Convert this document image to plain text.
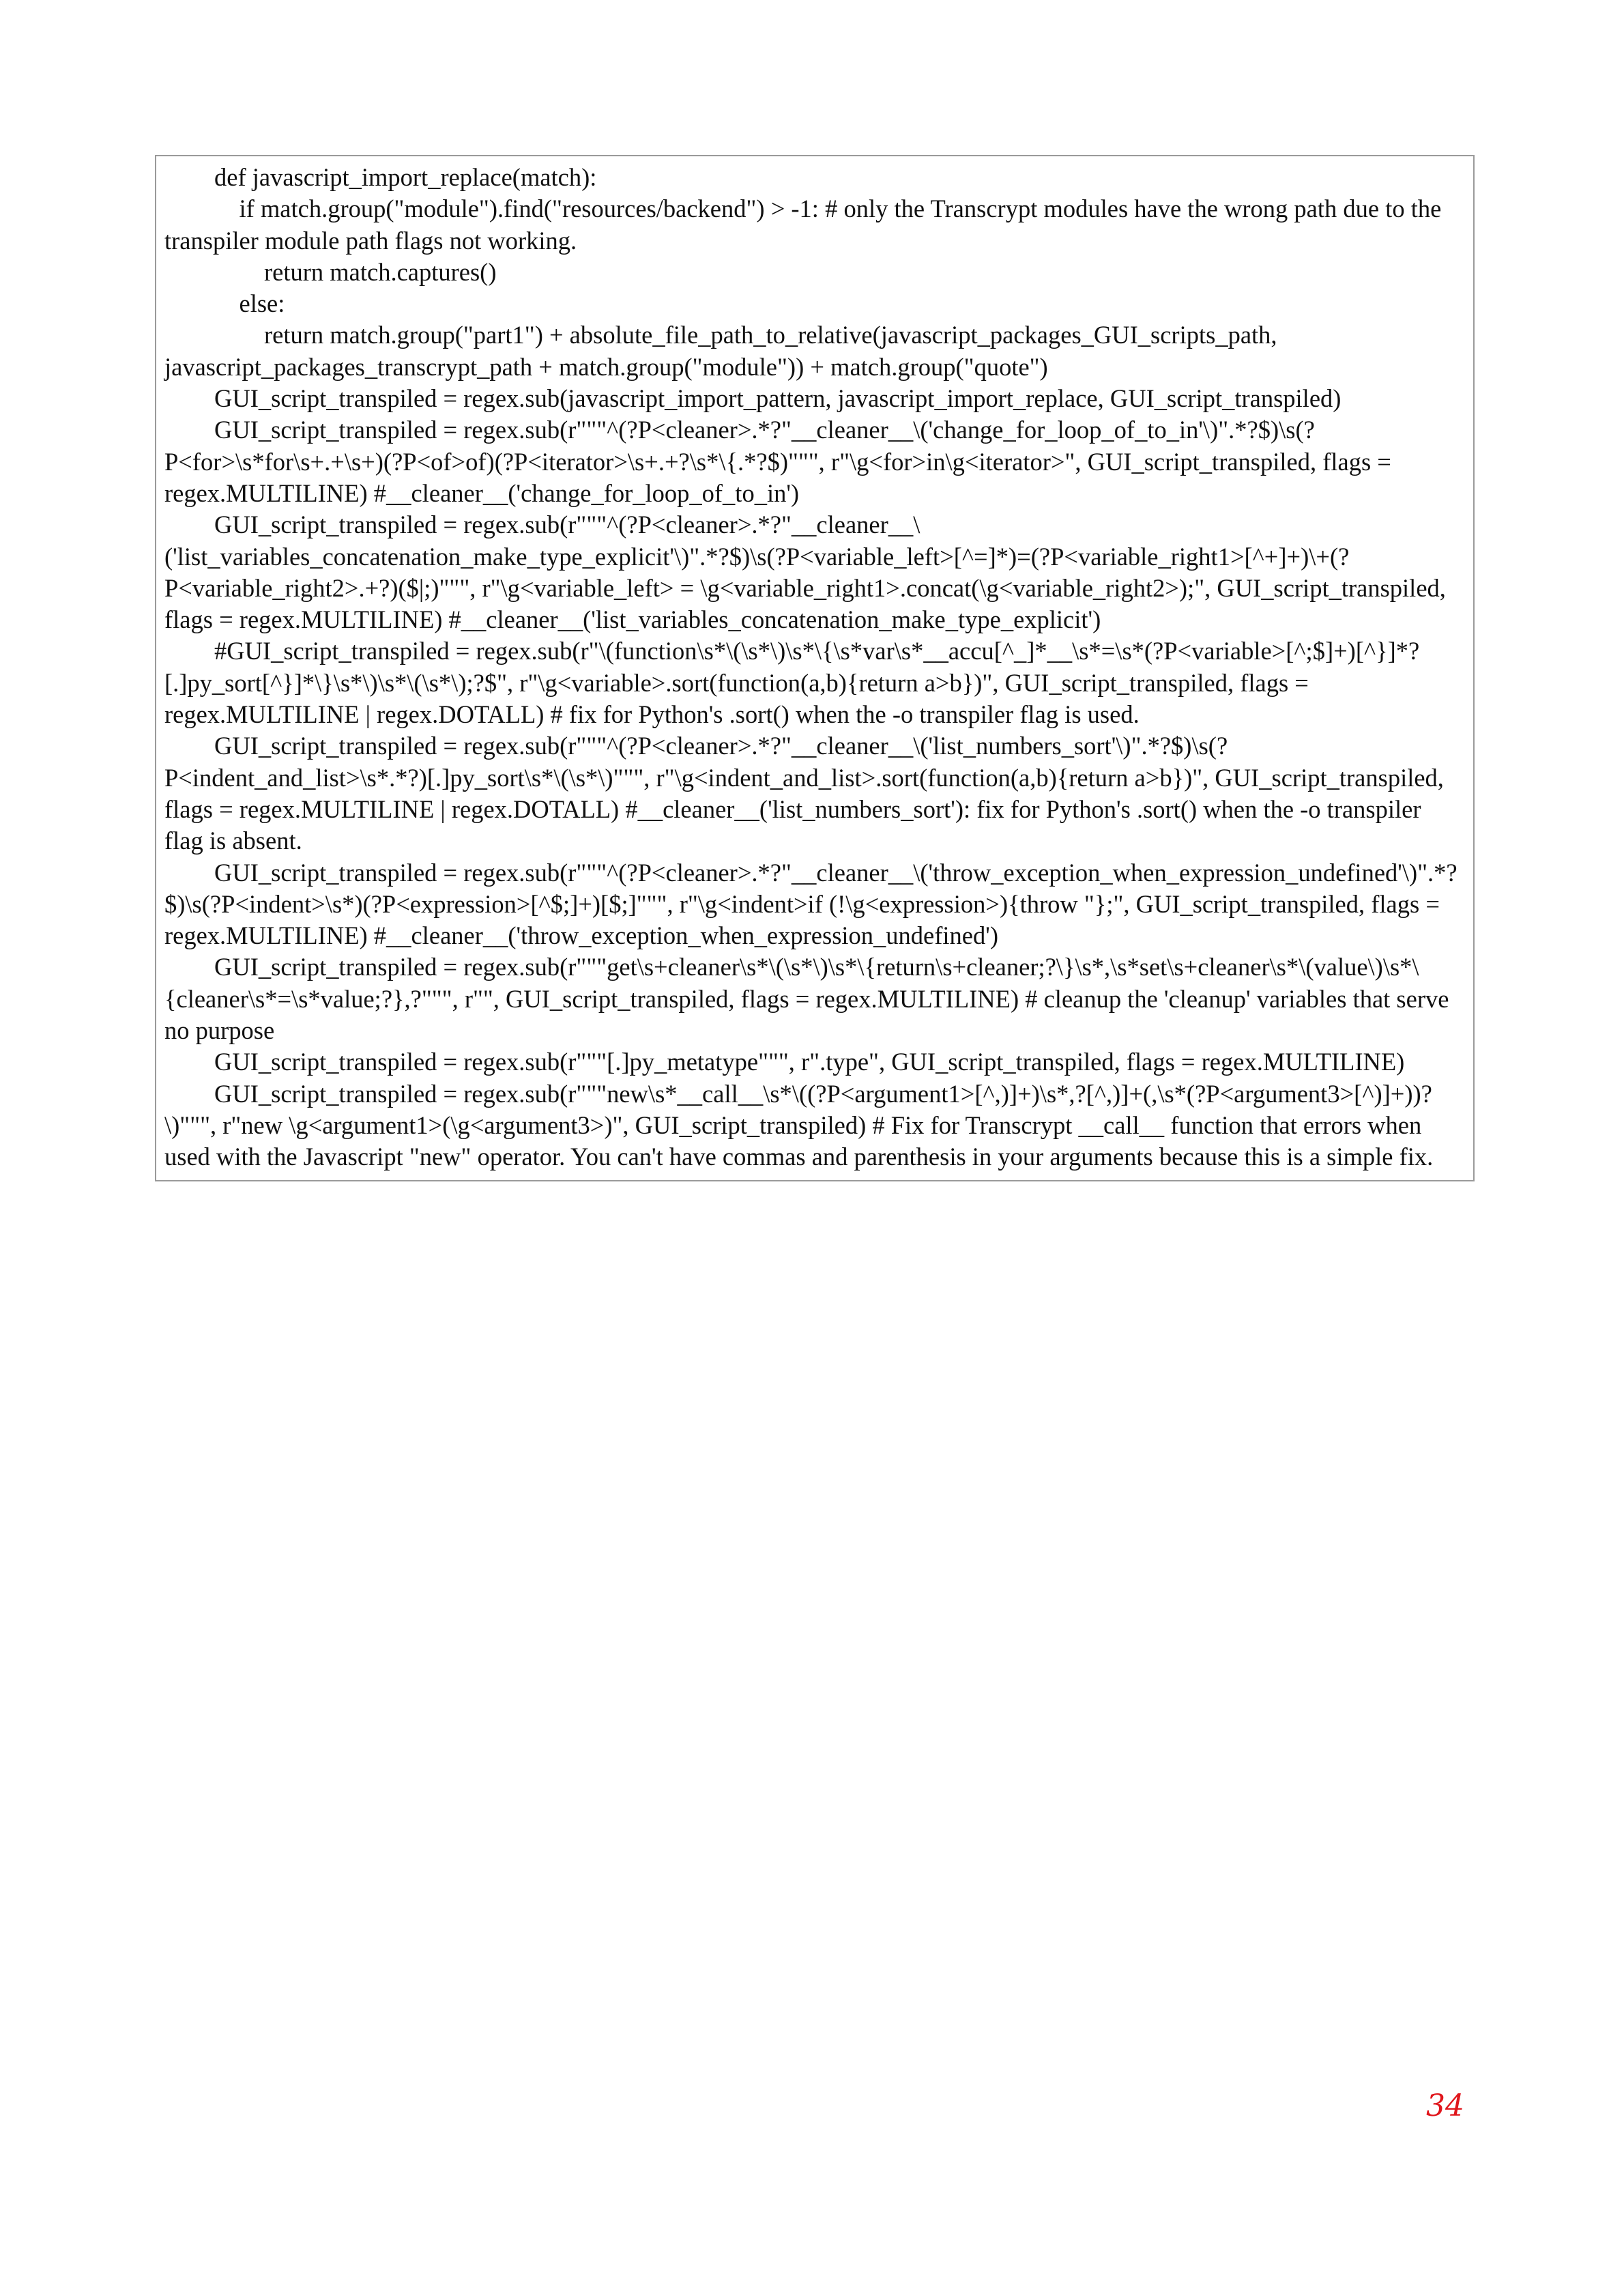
def javascript_import_replace(match):

if match.group("module").find("resources/backend") > -1: # only the Transcrypt modules have the wrong path due to the transpiler module path flags not working.

return match.captures()

else:

return match.group("part1") + absolute_file_path_to_relative(javascript_packages_GUI_scripts_path, javascript_packages_transcrypt_path + match.group("module")) + match.group("quote")

GUI_script_transpiled = regex.sub(javascript_import_pattern, javascript_import_replace, GUI_script_transpiled)

GUI_script_transpiled = regex.sub(r"""^(?P<cleaner>.*?"__cleaner__\('change_for_loop_of_to_in'\)".*?$)\s(?P<for>\s*for\s+.+\s+)(?P<of>of)(?P<iterator>\s+.+?\s*\{.*?$)""", r"\g<for>in\g<iterator>", GUI_script_transpiled, flags = regex.MULTILINE) #__cleaner__('change_for_loop_of_to_in')

GUI_script_transpiled = regex.sub(r"""^(?P<cleaner>.*?"__cleaner__\('list_variables_concatenation_make_type_explicit'\)".*?$)\s(?P<variable_left>[^=]*)=(?P<variable_right1>[^+]+)\+(?P<variable_right2>.+?)($|;)""", r"\g<variable_left> = \g<variable_right1>.concat(\g<variable_right2>);", GUI_script_transpiled, flags = regex.MULTILINE) #__cleaner__('list_variables_concatenation_make_type_explicit')

#GUI_script_transpiled = regex.sub(r"\(function\s*\(\s*\)\s*\{\s*var\s*__accu[^_]*__\s*=\s*(?P<variable>[^;$]+)[^}]*?[.]py_sort[^}]*\}\s*\)\s*\(\s*\);?$", r"\g<variable>.sort(function(a,b){return a>b})", GUI_script_transpiled, flags = regex.MULTILINE | regex.DOTALL) # fix for Python's .sort() when the -o transpiler flag is used.

GUI_script_transpiled = regex.sub(r"""^(?P<cleaner>.*?"__cleaner__\('list_numbers_sort'\)".*?$)\s(?P<indent_and_list>\s*.*?)[.]py_sort\s*\(\s*\)""", r"\g<indent_and_list>.sort(function(a,b){return a>b})", GUI_script_transpiled, flags = regex.MULTILINE | regex.DOTALL) #__cleaner__('list_numbers_sort'): fix for Python's .sort() when the -o transpiler flag is absent.

GUI_script_transpiled = regex.sub(r"""^(?P<cleaner>.*?"__cleaner__\('throw_exception_when_expression_undefined'\)".*?$)\s(?P<indent>\s*)(?P<expression>[^$;]+)[$;]""", r"\g<indent>if (!\g<expression>){throw "};", GUI_script_transpiled, flags = regex.MULTILINE) #__cleaner__('throw_exception_when_expression_undefined')

GUI_script_transpiled = regex.sub(r"""get\s+cleaner\s*\(\s*\)\s*\{return\s+cleaner;?\}\s*,\s*set\s+cleaner\s*\(value\)\s*\{cleaner\s*=\s*value;?},?""", r"", GUI_script_transpiled, flags = regex.MULTILINE) # cleanup the 'cleanup' variables that serve no purpose

GUI_script_transpiled = regex.sub(r"""[.]py_metatype""", r".type", GUI_script_transpiled, flags = regex.MULTILINE)

GUI_script_transpiled = regex.sub(r"""new\s*__call__\s*\((?P<argument1>[^,)]+)\s*,?[^,)]+(,\s*(?P<argument3>[^)]+))?\)""", r"new \g<argument1>(\g<argument3>)", GUI_script_transpiled) # Fix for Transcrypt __call__ function that errors when used with the Javascript "new" operator. You can't have commas and parenthesis in your arguments because this is a simple fix.

34
